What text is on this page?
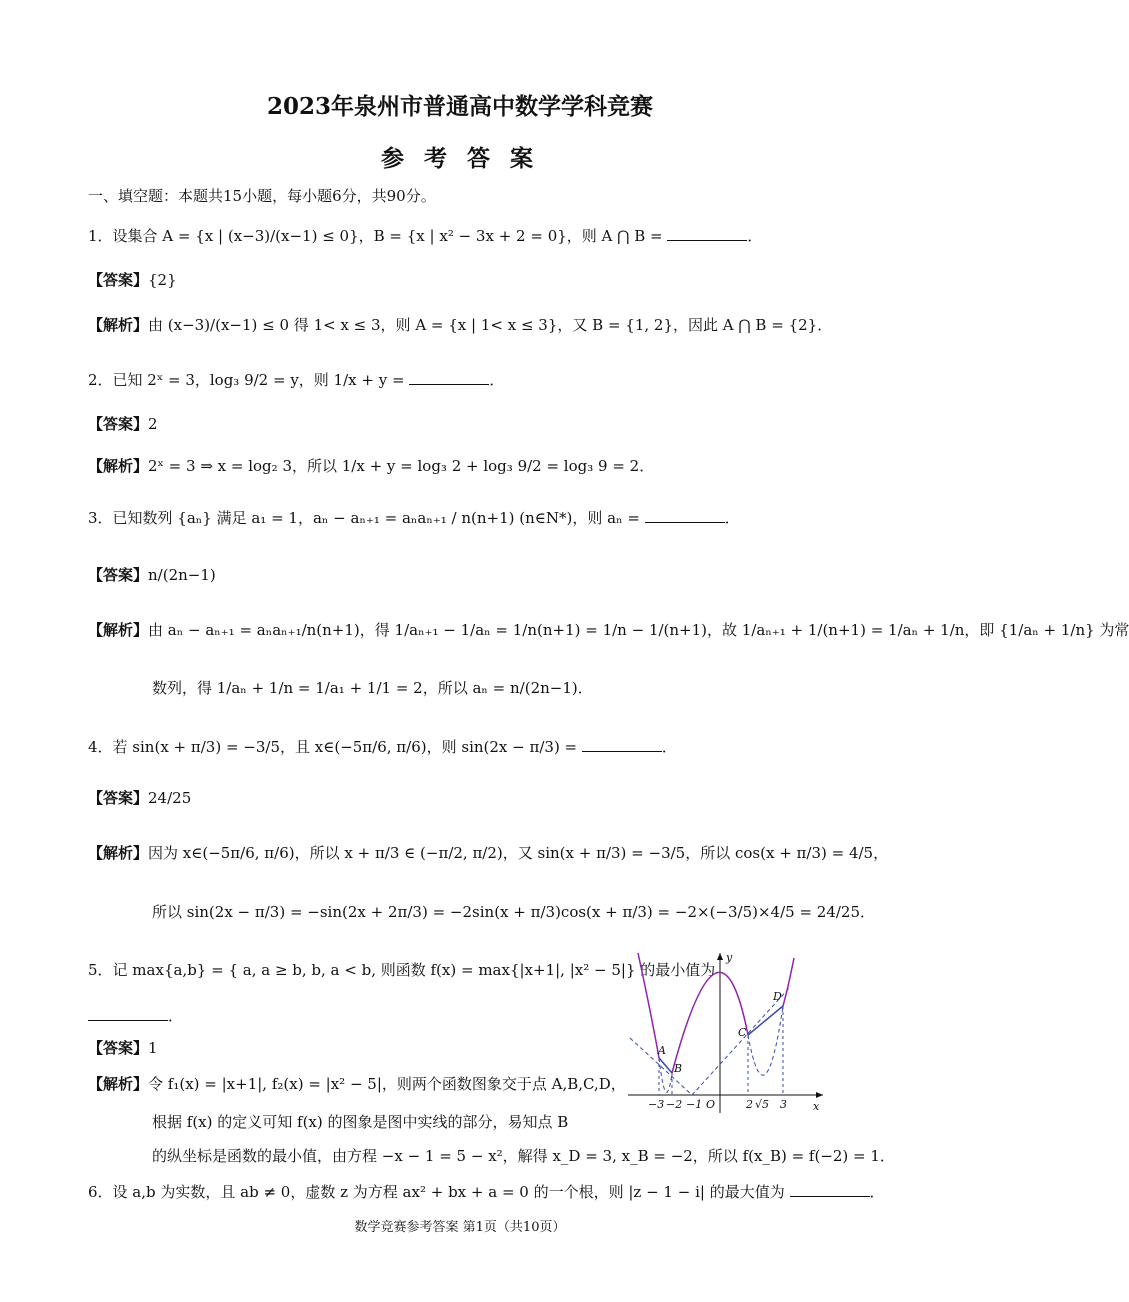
2023年泉州市普通高中数学学科竞赛
参 考 答 案
一、填空题：本题共15小题，每小题6分，共90分。
1．设集合 A = {x | (x−3)/(x−1) ≤ 0}，B = {x | x² − 3x + 2 = 0}，则 A ⋂ B =	．
【答案】{2}
【解析】由 (x−3)/(x−1) ≤ 0 得 1< x ≤ 3，则 A = {x | 1< x ≤ 3}，又 B = {1, 2}，因此 A ⋂ B = {2}．
2．已知 2ˣ = 3，log₃ 9/2 = y，则 1/x + y =	．
【答案】2
【解析】2ˣ = 3 ⇒ x = log₂ 3，所以 1/x + y = log₃ 2 + log₃ 9/2 = log₃ 9 = 2．
3．已知数列 {aₙ} 满足 a₁ = 1，aₙ − aₙ₊₁ = aₙaₙ₊₁ / n(n+1) (n∈N*)，则 aₙ =	．
【答案】n/(2n−1)
【解析】由 aₙ − aₙ₊₁ = aₙaₙ₊₁/n(n+1)，得 1/aₙ₊₁ − 1/aₙ = 1/n(n+1) = 1/n − 1/(n+1)，故 1/aₙ₊₁ + 1/(n+1) = 1/aₙ + 1/n，即 {1/aₙ + 1/n} 为常
数列，得 1/aₙ + 1/n = 1/a₁ + 1/1 = 2，所以 aₙ = n/(2n−1)．
4．若 sin(x + π/3) = −3/5，且 x∈(−5π/6, π/6)，则 sin(2x − π/3) =	．
【答案】24/25
【解析】因为 x∈(−5π/6, π/6)，所以 x + π/3 ∈ (−π/2, π/2)，又 sin(x + π/3) = −3/5，所以 cos(x + π/3) = 4/5，
所以 sin(2x − π/3) = −sin(2x + 2π/3) = −2sin(x + π/3)cos(x + π/3) = −2×(−3/5)×4/5 = 24/25．
5．记 max{a,b} = { a, a ≥ b, b, a < b, 则函数 f(x) = max{|x+1|, |x² − 5|} 的最小值为
．
【答案】1
【解析】令 f₁(x) = |x+1|, f₂(x) = |x² − 5|，则两个函数图象交于点 A,B,C,D，
根据 f(x) 的定义可知 f(x) 的图象是图中实线的部分，易知点 B
的纵坐标是函数的最小值，由方程 −x − 1 = 5 − x²，解得 x_D = 3, x_B = −2，所以 f(x_B) = f(−2) = 1．
x
y
O
A
B
C
D
−3 −2 −1	2 √5 3
6．设 a,b 为实数，且 ab ≠ 0，虚数 z 为方程 ax² + bx + a = 0 的一个根，则 |z − 1 − i| 的最大值为	．
数学竞赛参考答案 第1页（共10页）
